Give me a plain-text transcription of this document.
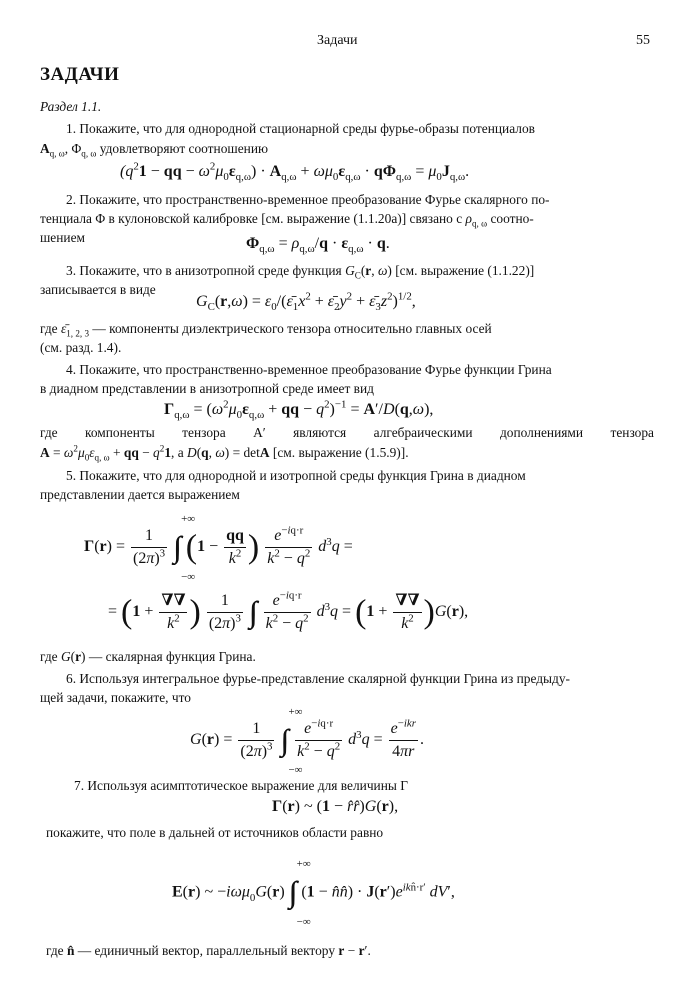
Задачи	55
ЗАДАЧИ
Раздел 1.1.
1. Покажите, что для однородной стационарной среды фурье-образы потенциалов
$A_{q, \omega}$, $\Phi_{q, \omega}$ удовлетворяют соотношению
($q^21$ − qq − $\omega^2\mu_0\varepsilon_{q,\omega}) \cdot A_{q,\omega} + \omega\mu_0\varepsilon_{q,\omega} \cdot q\Phi_{q,\omega} = \mu_0J_{q,\omega}$.
2. Покажите, что пространственно-временное преобразование Фурье скалярного по-
тенциала Φ в кулоновской калибровке [см. выражение (1.1.20а)] связано с $\rho_{q, \omega}$ соотно-
шением	$\Phi_{q,\omega} = \rho_{q,\omega}/q \cdot \varepsilon_{q,\omega} \cdot q$.
3. Покажите, что в анизотропной среде функция $G_C(r$, ω) [см. выражение (1.1.22)]
записывается в виде
$G_C(r,\omega)$ = $\varepsilon_0/(\varepsilon̄_1x^2$ + $\varepsilon̄_2y^2$ + $\varepsilon̄_3z^2)^{1/2}$,
где $\varepsilon̄_{1, 2, 3}$ — компоненты диэлектрического тензора относительно главных осей
(см. разд. 1.4).
4. Покажите, что пространственно-временное преобразование Фурье функции Грина
в диадном представлении в анизотропной среде имеет вид
$\Gamma_{q,\omega} = (\omega^2\mu_0\varepsilon_{q,\omega}$ + qq − $q^2)^{-1} = A'/D(q,\omega)$,
где компоненты тензора A′ являются алгебраическими дополнениями тензора
$A = \omega^2\mu_0\varepsilon_{q, \omega}$ + qq − $q^21$, а D(q, ω) = detA [см. выражение (1.5.9)].
5. Покажите, что для однородной и изотропной среды функция Грина в диадном
представлении дается выражением
$\Gamma(r) = \frac{1}{(2\pi)^3}$ ∫∫∫
+∞
−∞
($1 - \frac{qq}{k^2}$ ) $\frac{e^{-iq\cdot r}}{k^2 - q^2} d^3q$ =
= ($1 + \frac{\nabla\nabla}{k^2}$ ) $\frac{1}{(2\pi)^3}$ ∫∫∫ $\frac{e^{-iq\cdot r}}{k^2 - q^2} d^3q = (1 + \frac{\nabla\nabla}{k^2} )G(r)$,
где G(r) — скалярная функция Грина.
6. Используя интегральное фурье-представление скалярной функции Грина из предыду-
щей задачи, покажите, что
$G(r) = \frac{1}{(2\pi)^3}$ ∫∫∫
+∞
−∞

$\frac{e^{-iq\cdot r}}{k^2 - q^2} d^3q = \frac{e^{-ikr}}{4\pi r}$ .
7. Используя асимптотическое выражение для величины Γ
Γ(r) ~ (1 − r̂r̂)G(r),
покажите, что поле в дальней от источников области равно
E(r) ~ −iωμ$_0$G(r) ∫∫∫
+∞
−∞
(1 − n̂n̂) · $J(r')e^{ikn̂\cdot r'}$ dV′,
где n̂ — единичный вектор, параллельный вектору r − r′.
